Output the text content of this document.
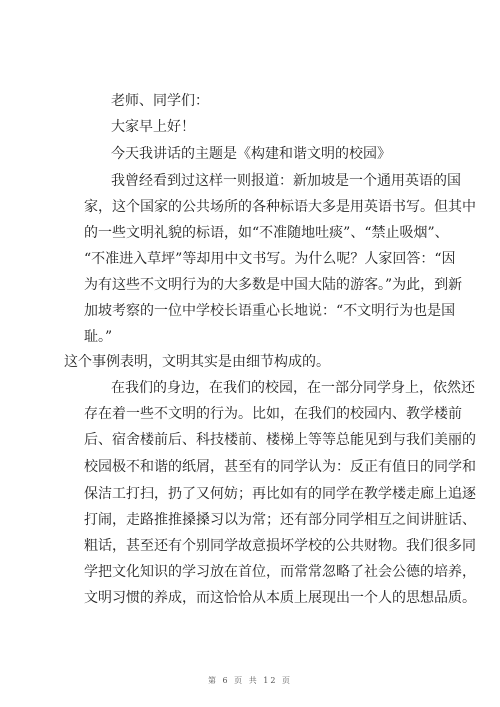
老师、同学们：
大家早上好！
今天我讲话的主题是《构建和谐文明的校园》
我曾经看到过这样一则报道：新加坡是一个通用英语的国
家，这个国家的公共场所的各种标语大多是用英语书写。但其中
的一些文明礼貌的标语，如“不准随地吐痰”、“禁止吸烟”、
“不准进入草坪”等却用中文书写。为什么呢？人家回答：“因
为有这些不文明行为的大多数是中国大陆的游客。”为此，到新
加坡考察的一位中学校长语重心长地说：“不文明行为也是国
耻。”
这个事例表明，文明其实是由细节构成的。
在我们的身边，在我们的校园，在一部分同学身上，依然还
存在着一些不文明的行为。比如，在我们的校园内、教学楼前
后、宿舍楼前后、科技楼前、楼梯上等等总能见到与我们美丽的
校园极不和谐的纸屑，甚至有的同学认为：反正有值日的同学和
保洁工打扫，扔了又何妨；再比如有的同学在教学楼走廊上追逐
打闹，走路推推搡搡习以为常；还有部分同学相互之间讲脏话、
粗话，甚至还有个别同学故意损坏学校的公共财物。我们很多同
学把文化知识的学习放在首位，而常常忽略了社会公德的培养，
文明习惯的养成，而这恰恰从本质上展现出一个人的思想品质。
第 6 页 共 12 页
